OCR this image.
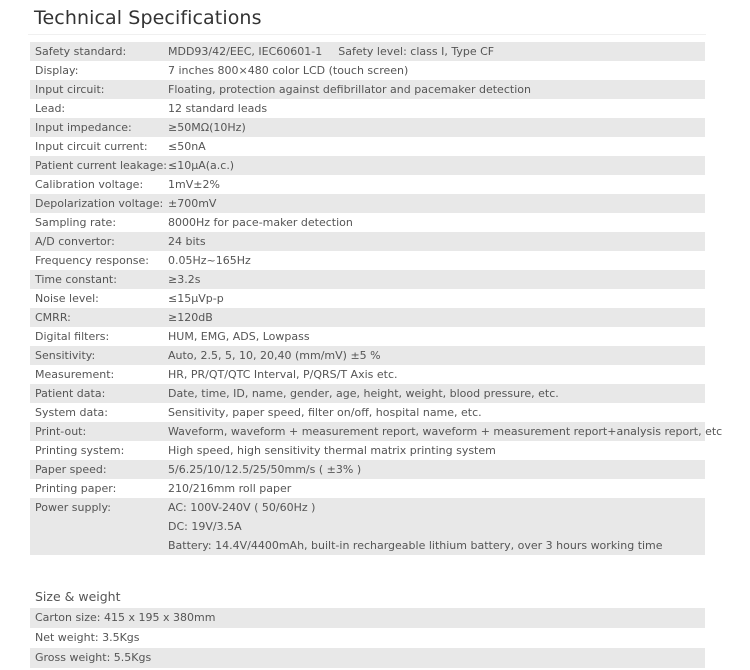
Technical Specifications
Safety standard:	MDD93/42/EEC, IEC60601-1 Safety level: class I, Type CF
Display:	7 inches 800×480 color LCD (touch screen)
Input circuit:	Floating, protection against defibrillator and pacemaker detection
Lead:	12 standard leads
Input impedance:	≥50MΩ(10Hz)
Input circuit current:	≤50nA
Patient current leakage: ≤10μA(a.c.)
Calibration voltage:	1mV±2%
Depolarization voltage: ±700mV
Sampling rate:	8000Hz for pace-maker detection
A/D convertor:	24 bits
Frequency response:	0.05Hz~165Hz
Time constant:	≥3.2s
Noise level:	≤15μVp-p
CMRR:	≥120dB
Digital filters:	HUM, EMG, ADS, Lowpass
Sensitivity:	Auto, 2.5, 5, 10, 20,40 (mm/mV) ±5 %
Measurement:	HR, PR/QT/QTC Interval, P/QRS/T Axis etc.
Patient data:	Date, time, ID, name, gender, age, height, weight, blood pressure, etc.
System data:	Sensitivity, paper speed, filter on/off, hospital name, etc.
Print-out:	Waveform, waveform + measurement report, waveform + measurement report+analysis report, etc
Printing system:	High speed, high sensitivity thermal matrix printing system
Paper speed:	5/6.25/10/12.5/25/50mm/s ( ±3% )
Printing paper:	210/216mm roll paper
Power supply:	AC: 100V-240V ( 50/60Hz )
DC: 19V/3.5A
Battery: 14.4V/4400mAh, built-in rechargeable lithium battery, over 3 hours working time
Size & weight
Carton size: 415 x 195 x 380mm
Net weight: 3.5Kgs
Gross weight: 5.5Kgs
